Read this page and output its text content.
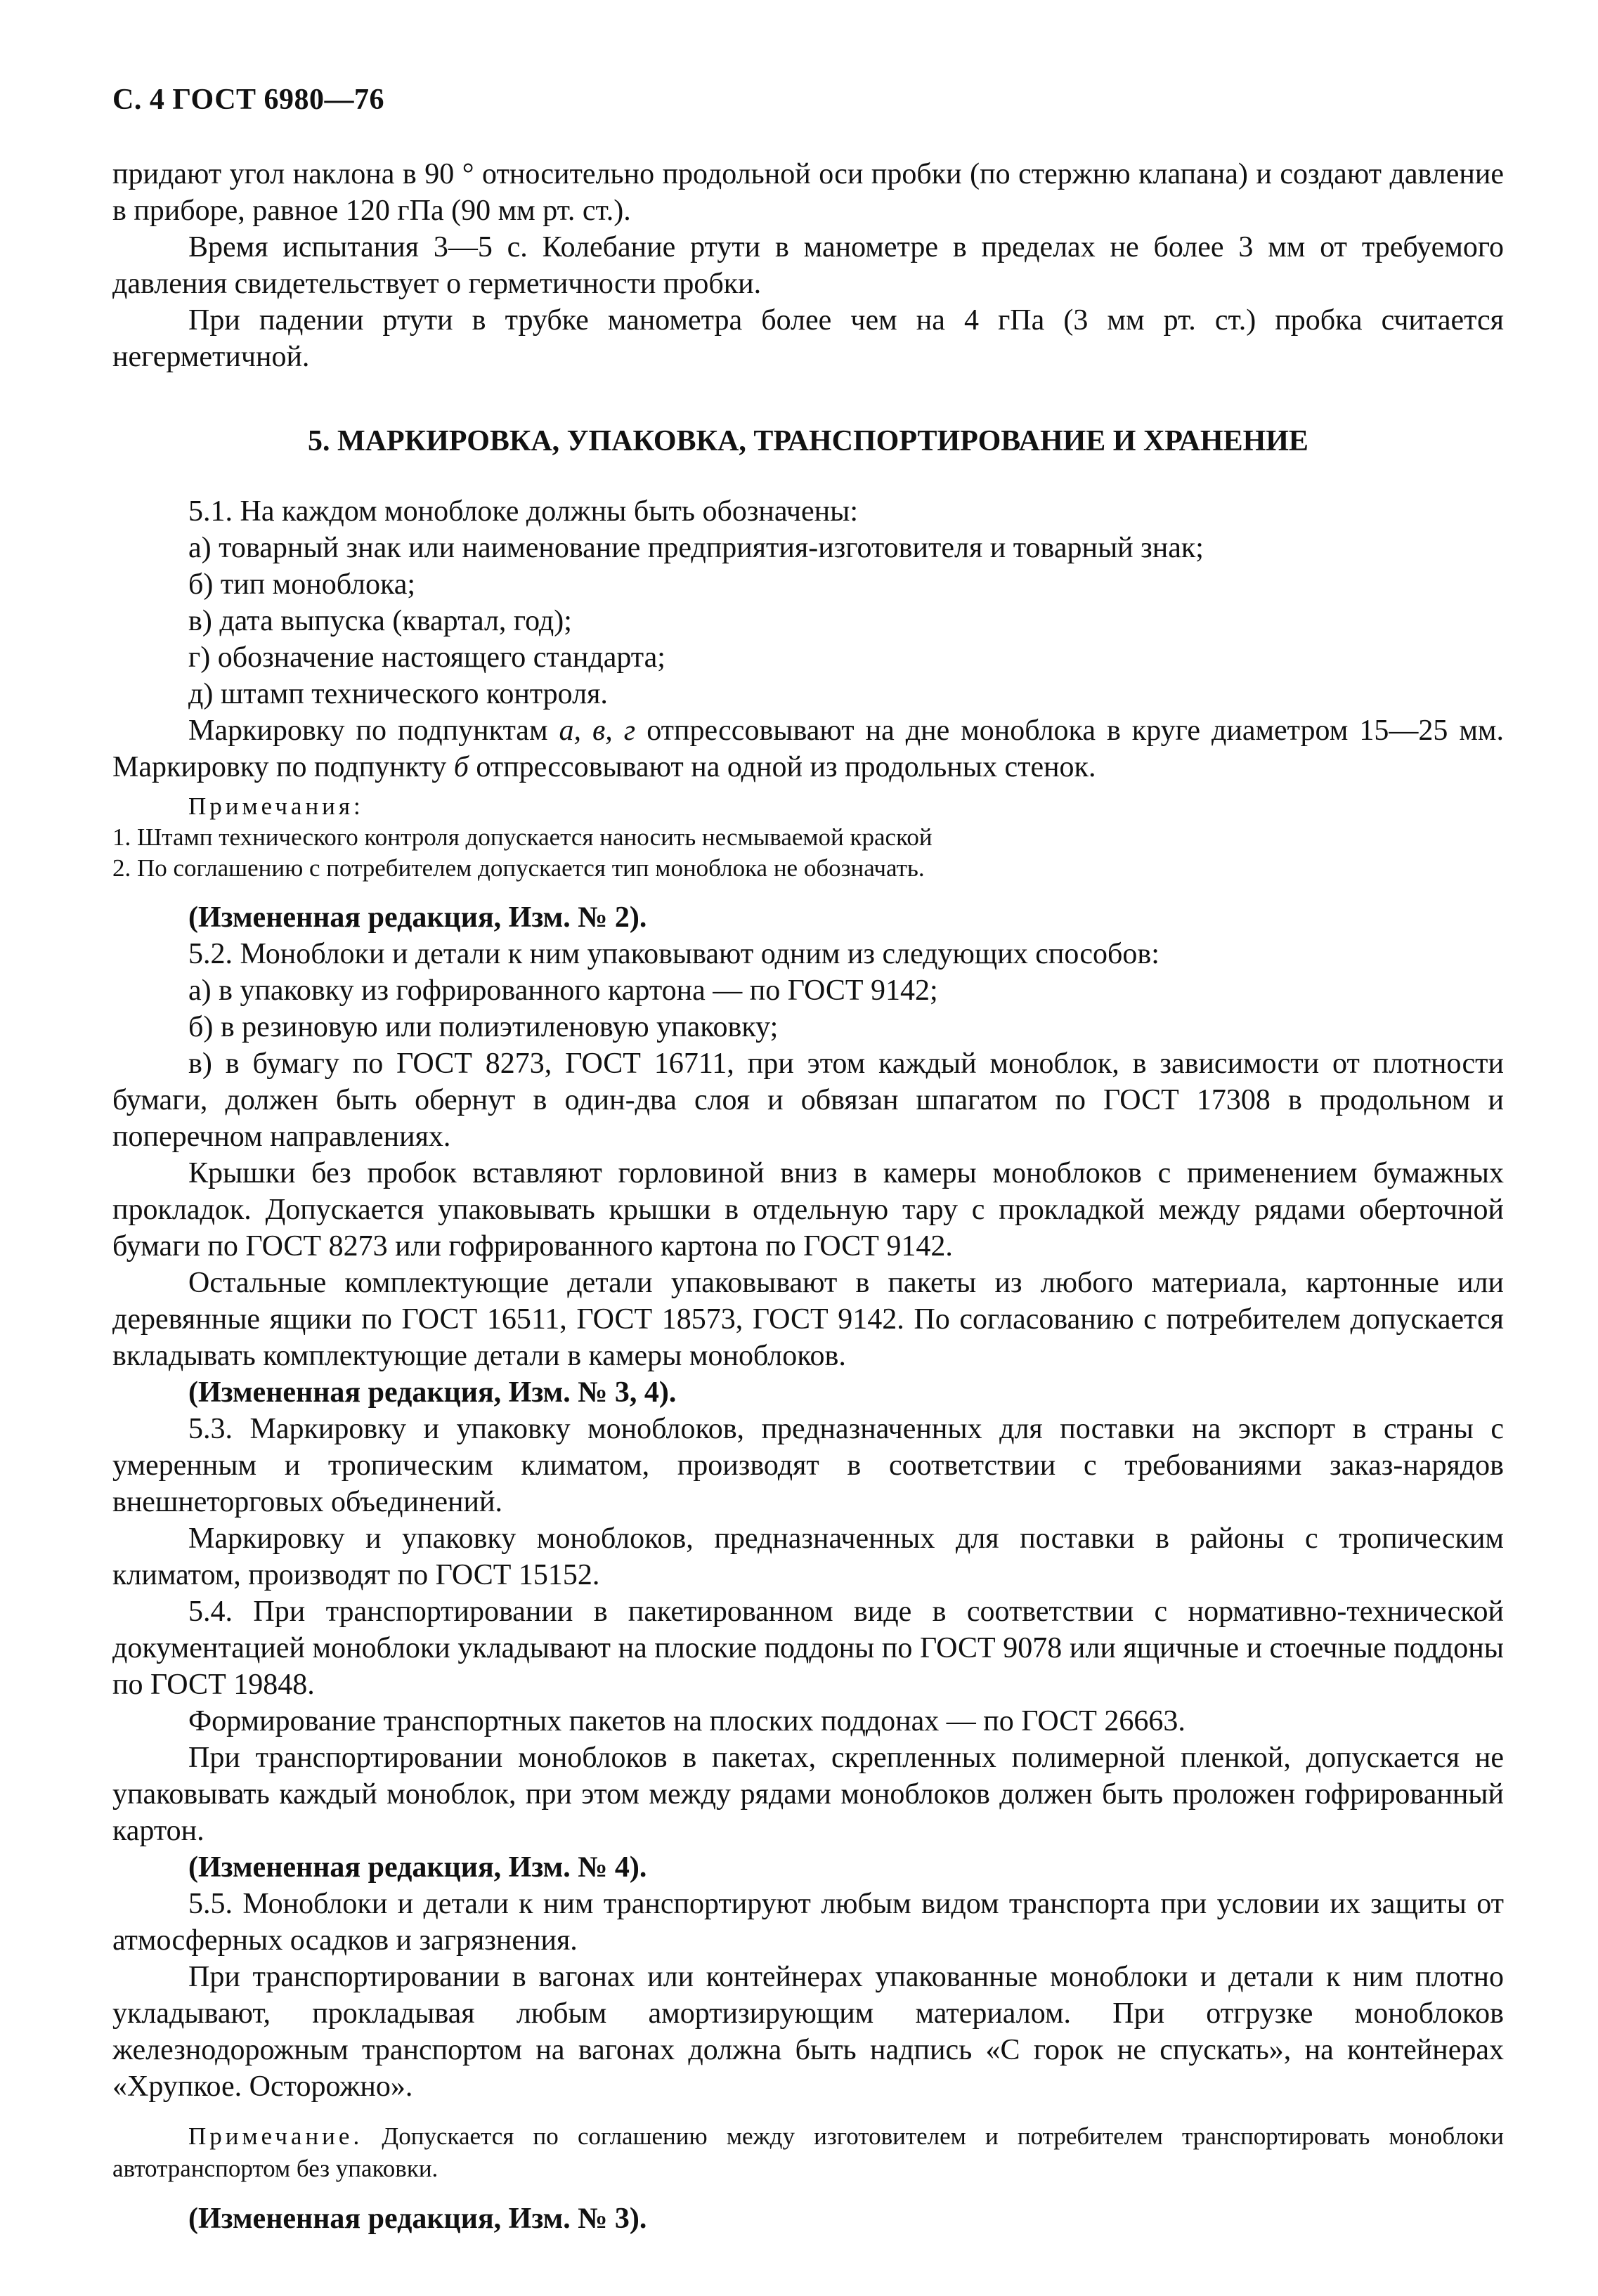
С. 4 ГОСТ 6980—76

придают угол наклона в 90 ° относительно продольной оси пробки (по стержню клапана) и создают давление в приборе, равное 120 гПа (90 мм рт. ст.).

Время испытания 3—5 с. Колебание ртути в манометре в пределах не более 3 мм от требуемого давления свидетельствует о герметичности пробки.

При падении ртути в трубке манометра более чем на 4 гПа (3 мм рт. ст.) пробка считается негерметичной.

5. МАРКИРОВКА, УПАКОВКА, ТРАНСПОРТИРОВАНИЕ И ХРАНЕНИЕ

5.1. На каждом моноблоке должны быть обозначены:

а) товарный знак или наименование предприятия-изготовителя и товарный знак;

б) тип моноблока;

в) дата выпуска (квартал, год);

г) обозначение настоящего стандарта;

д) штамп технического контроля.

Маркировку по подпунктам а, в, г отпрессовывают на дне моноблока в круге диаметром 15—25 мм. Маркировку по подпункту б отпрессовывают на одной из продольных стенок.

Примечания:
1. Штамп технического контроля допускается наносить несмываемой краской
2. По соглашению с потребителем допускается тип моноблока не обозначать.

(Измененная редакция, Изм. № 2).

5.2. Моноблоки и детали к ним упаковывают одним из следующих способов:

а) в упаковку из гофрированного картона — по ГОСТ 9142;

б) в резиновую или полиэтиленовую упаковку;

в) в бумагу по ГОСТ 8273, ГОСТ 16711, при этом каждый моноблок, в зависимости от плотности бумаги, должен быть обернут в один-два слоя и обвязан шпагатом по ГОСТ 17308 в продольном и поперечном направлениях.

Крышки без пробок вставляют горловиной вниз в камеры моноблоков с применением бумажных прокладок. Допускается упаковывать крышки в отдельную тару с прокладкой между рядами оберточной бумаги по ГОСТ 8273 или гофрированного картона по ГОСТ 9142.

Остальные комплектующие детали упаковывают в пакеты из любого материала, картонные или деревянные ящики по ГОСТ 16511, ГОСТ 18573, ГОСТ 9142. По согласованию с потребителем допускается вкладывать комплектующие детали в камеры моноблоков.

(Измененная редакция, Изм. № 3, 4).

5.3. Маркировку и упаковку моноблоков, предназначенных для поставки на экспорт в страны с умеренным и тропическим климатом, производят в соответствии с требованиями заказ-нарядов внешнеторговых объединений.

Маркировку и упаковку моноблоков, предназначенных для поставки в районы с тропическим климатом, производят по ГОСТ 15152.

5.4. При транспортировании в пакетированном виде в соответствии с нормативно-технической документацией моноблоки укладывают на плоские поддоны по ГОСТ 9078 или ящичные и стоечные поддоны по ГОСТ 19848.

Формирование транспортных пакетов на плоских поддонах — по ГОСТ 26663.

При транспортировании моноблоков в пакетах, скрепленных полимерной пленкой, допускается не упаковывать каждый моноблок, при этом между рядами моноблоков должен быть проложен гофрированный картон.

(Измененная редакция, Изм. № 4).

5.5. Моноблоки и детали к ним транспортируют любым видом транспорта при условии их защиты от атмосферных осадков и загрязнения.

При транспортировании в вагонах или контейнерах упакованные моноблоки и детали к ним плотно укладывают, прокладывая любым амортизирующим материалом. При отгрузке моноблоков железнодорожным транспортом на вагонах должна быть надпись «С горок не спускать», на контейнерах «Хрупкое. Осторожно».

Примечание. Допускается по соглашению между изготовителем и потребителем транспортировать моноблоки автотранспортом без упаковки.

(Измененная редакция, Изм. № 3).
